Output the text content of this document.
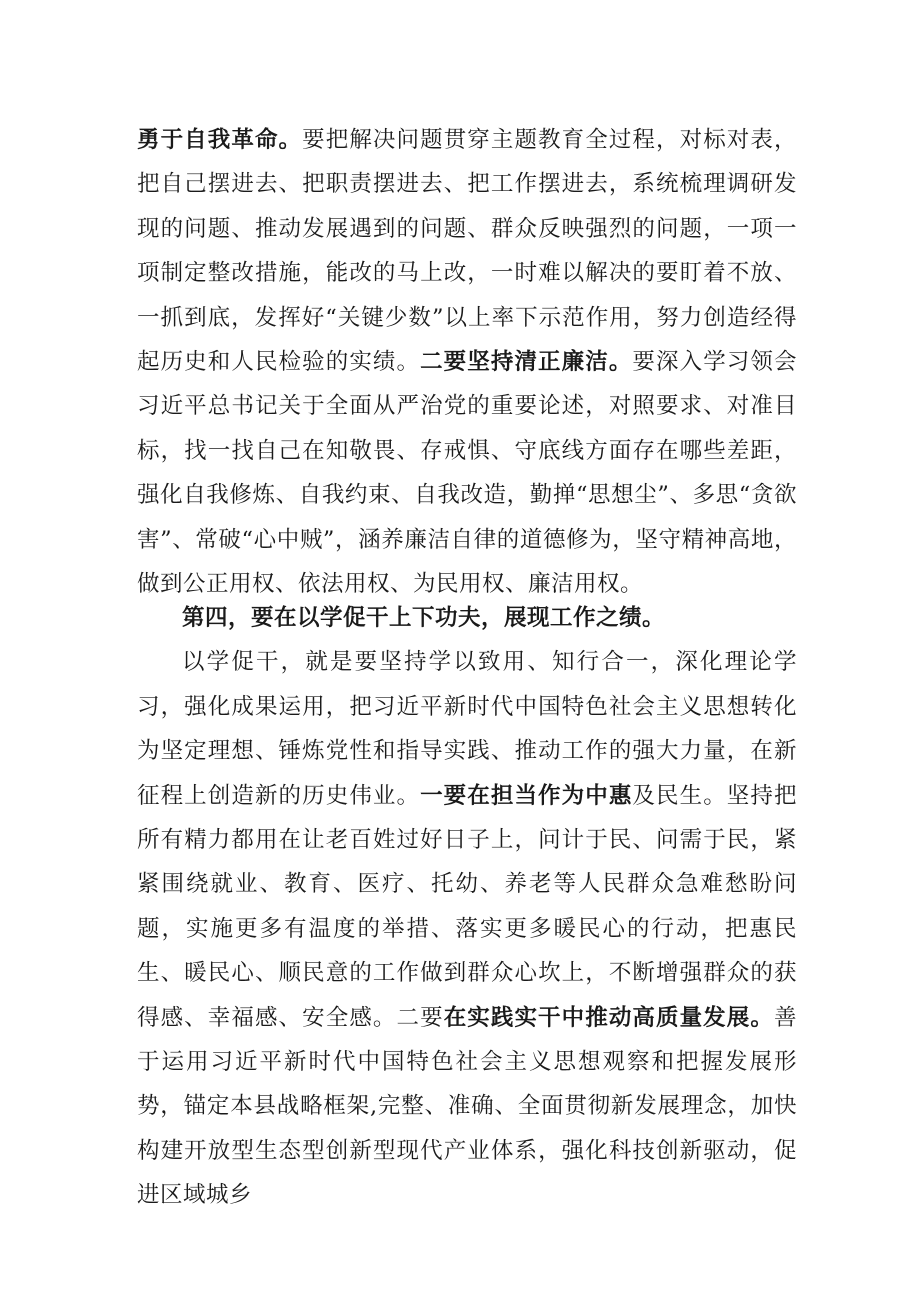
勇于自我革命。要把解决问题贯穿主题教育全过程，对标对表，把自己摆进去、把职责摆进去、把工作摆进去，系统梳理调研发现的问题、推动发展遇到的问题、群众反映强烈的问题，一项一项制定整改措施，能改的马上改，一时难以解决的要盯着不放、一抓到底，发挥好“关键少数”以上率下示范作用，努力创造经得起历史和人民检验的实绩。二要坚持清正廉洁。要深入学习领会习近平总书记关于全面从严治党的重要论述，对照要求、对准目标，找一找自己在知敬畏、存戒惧、守底线方面存在哪些差距，强化自我修炼、自我约束、自我改造，勤掸“思想尘”、多思“贪欲害”、常破“心中贼”，涵养廉洁自律的道德修为，坚守精神高地，做到公正用权、依法用权、为民用权、廉洁用权。

第四，要在以学促干上下功夫，展现工作之绩。

以学促干，就是要坚持学以致用、知行合一，深化理论学习，强化成果运用，把习近平新时代中国特色社会主义思想转化为坚定理想、锤炼党性和指导实践、推动工作的强大力量，在新征程上创造新的历史伟业。一要在担当作为中惠及民生。坚持把所有精力都用在让老百姓过好日子上，问计于民、问需于民，紧紧围绕就业、教育、医疗、托幼、养老等人民群众急难愁盼问题，实施更多有温度的举措、落实更多暖民心的行动，把惠民生、暖民心、顺民意的工作做到群众心坎上，不断增强群众的获得感、幸福感、安全感。二要在实践实干中推动高质量发展。善于运用习近平新时代中国特色社会主义思想观察和把握发展形势，锚定本县战略框架,完整、准确、全面贯彻新发展理念，加快构建开放型生态型创新型现代产业体系，强化科技创新驱动，促进区域城乡
